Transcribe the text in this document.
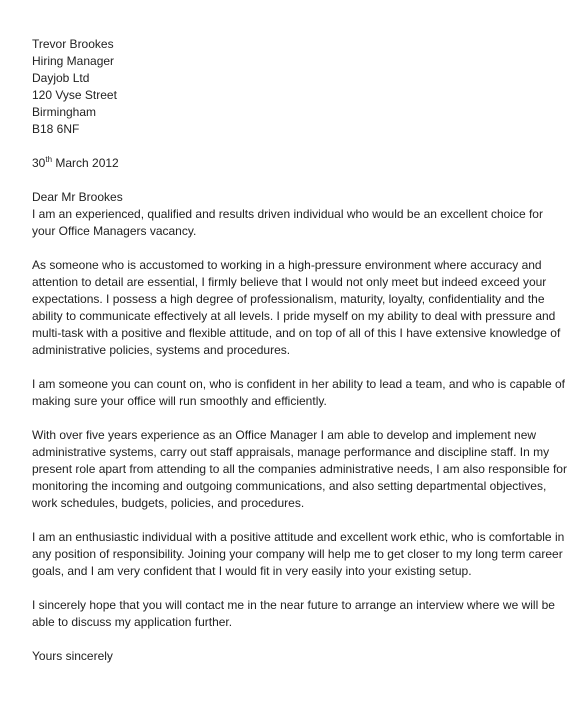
Trevor Brookes
Hiring Manager
Dayjob Ltd
120 Vyse Street
Birmingham
B18 6NF
30th March 2012
Dear Mr Brookes

I am an experienced, qualified and results driven individual who would be an excellent choice for your Office Managers vacancy.

As someone who is accustomed to working in a high-pressure environment where accuracy and attention to detail are essential, I firmly believe that I would not only meet but indeed exceed your expectations. I possess a high degree of professionalism, maturity, loyalty, confidentiality and the ability to communicate effectively at all levels. I pride myself on my ability to deal with pressure and multi-task with a positive and flexible attitude, and on top of all of this I have extensive knowledge of administrative policies, systems and procedures.

I am someone you can count on, who is confident in her ability to lead a team, and who is capable of making sure your office will run smoothly and efficiently.

With over five years experience as an Office Manager I am able to develop and implement new administrative systems, carry out staff appraisals, manage performance and discipline staff. In my present role apart from attending to all the companies administrative needs, I am also responsible for monitoring the incoming and outgoing communications, and also setting departmental objectives, work schedules, budgets, policies, and procedures.

I am an enthusiastic individual with a positive attitude and excellent work ethic, who is comfortable in any position of responsibility. Joining your company will help me to get closer to my long term career goals, and I am very confident that I would fit in very easily into your existing setup.

I sincerely hope that you will contact me in the near future to arrange an interview where we will be able to discuss my application further.

Yours sincerely
